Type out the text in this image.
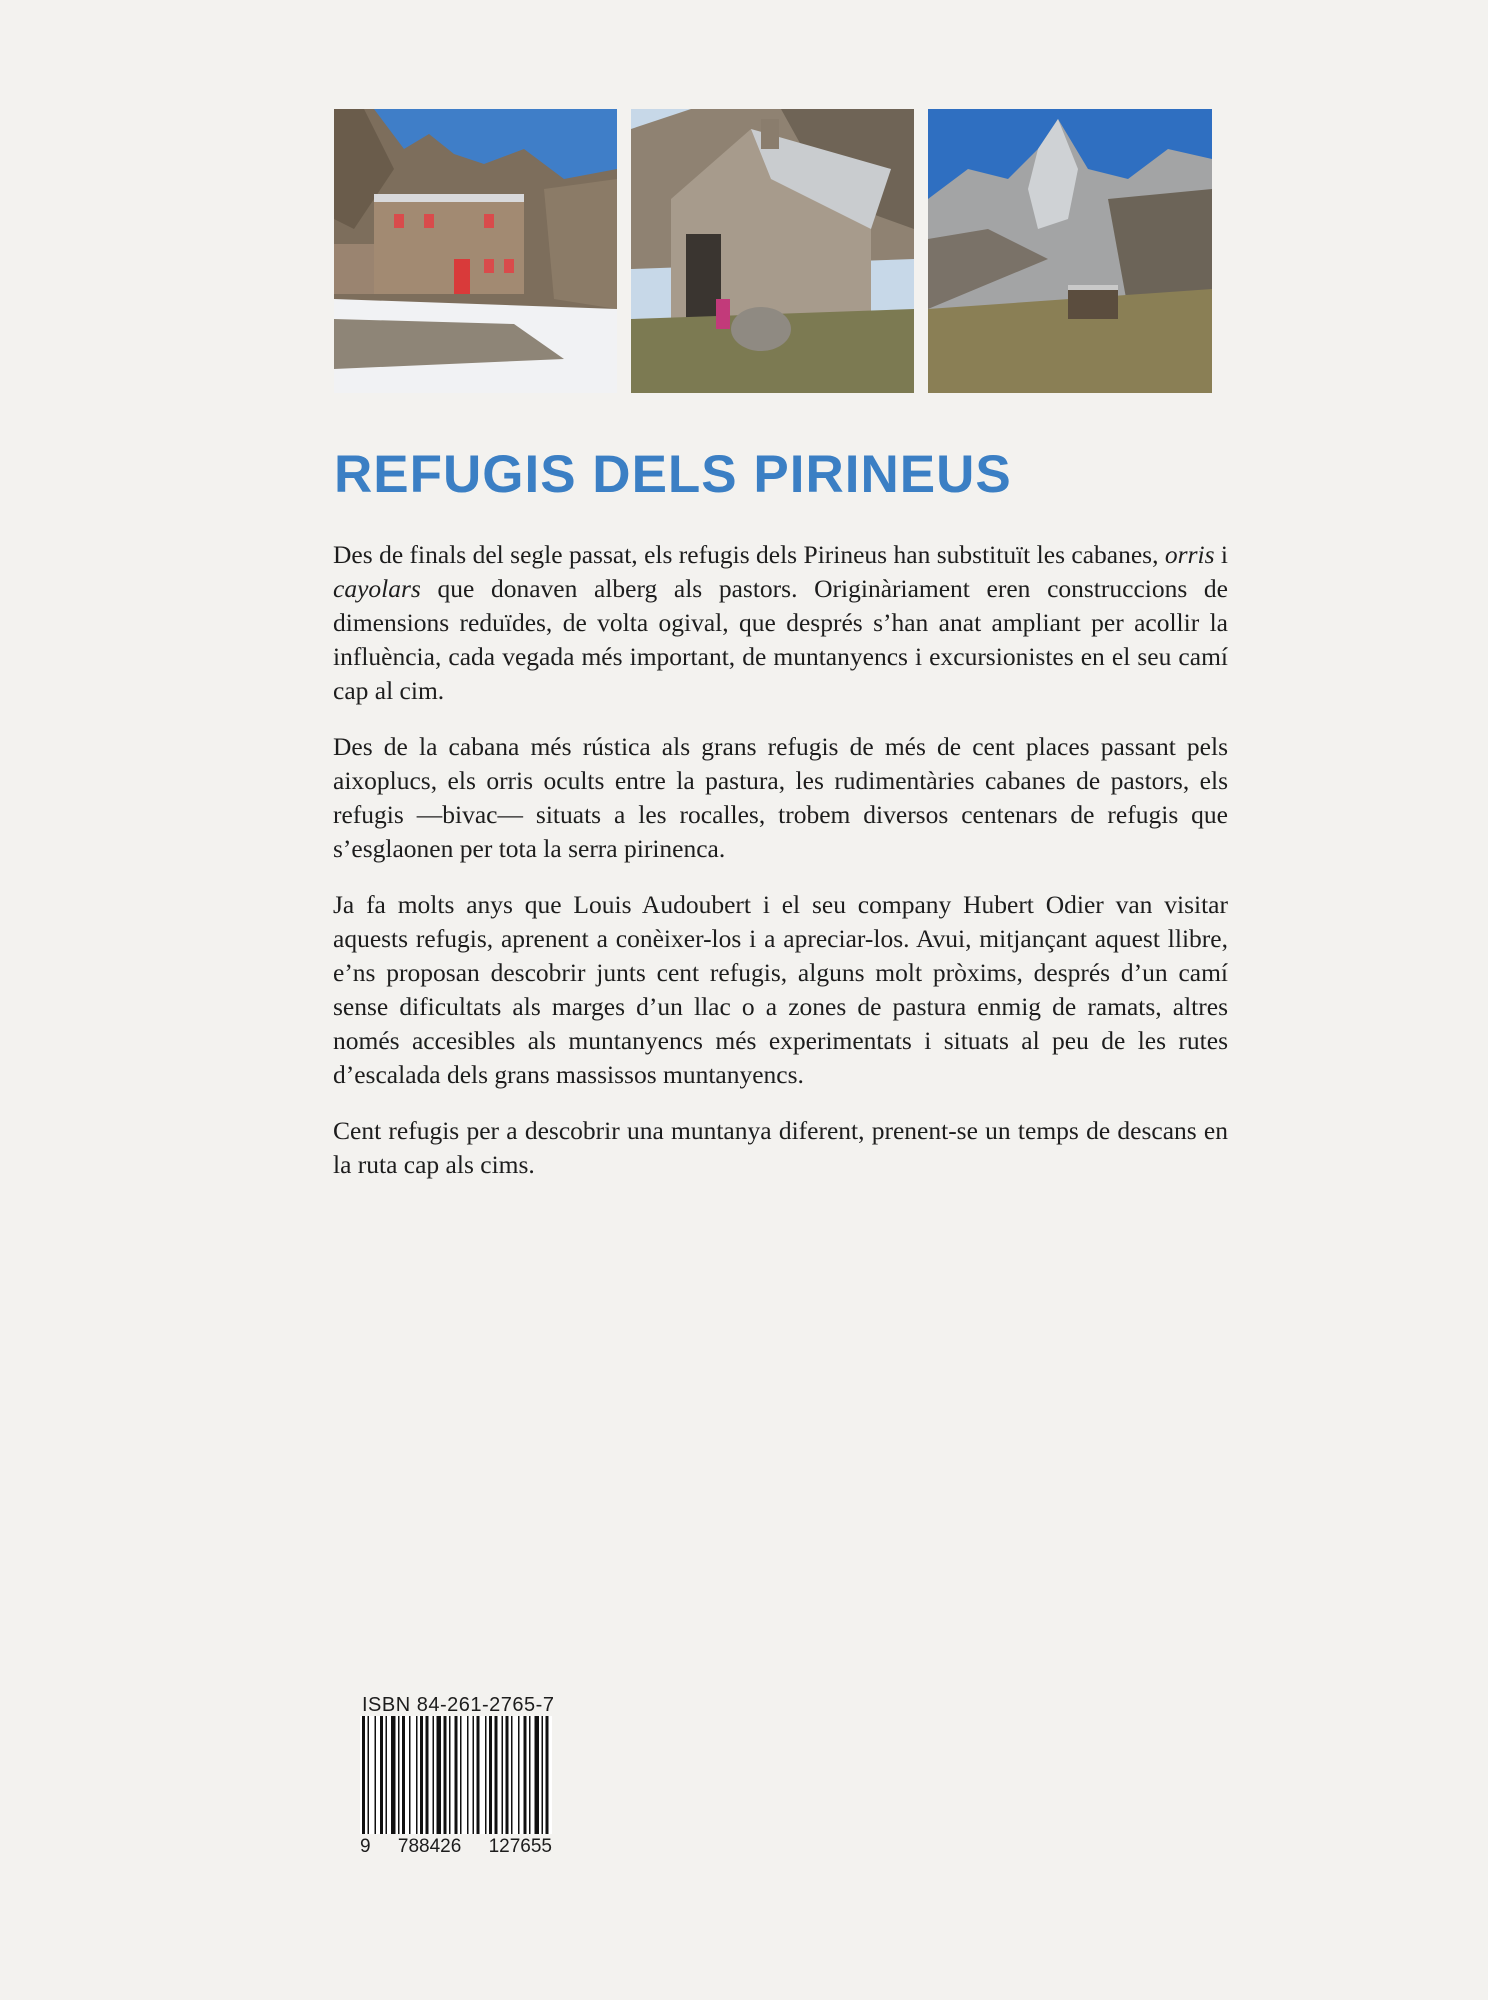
REFUGIS DELS PIRINEUS

Des de finals del segle passat, els refugis dels Pirineus han substituït les cabanes, orris i cayolars que donaven alberg als pastors. Originàriament eren construccions de dimensions reduïdes, de volta ogival, que després s’han anat ampliant per acollir la influència, cada vegada més important, de muntanyencs i excursionistes en el seu camí cap al cim.

Des de la cabana més rústica als grans refugis de més de cent places passant pels aixoplucs, els orris ocults entre la pastura, les rudimentàries cabanes de pastors, els refugis —bivac— situats a les rocalles, trobem diversos centenars de refugis que s’esglaonen per tota la serra pirinenca.

Ja fa molts anys que Louis Audoubert i el seu company Hubert Odier van visitar aquests refugis, aprenent a conèixer-los i a apreciar-los. Avui, mitjançant aquest llibre, e’ns proposan descobrir junts cent refugis, alguns molt pròxims, després d’un camí sense dificultats als marges d’un llac o a zones de pastura enmig de ramats, altres només accesibles als muntanyencs més experimentats i situats al peu de les rutes d’escalada dels grans massissos muntanyencs.

Cent refugis per a descobrir una muntanya diferent, prenent-se un temps de descans en la ruta cap als cims.

ISBN 84-261-2765-7
9 788426 127655
